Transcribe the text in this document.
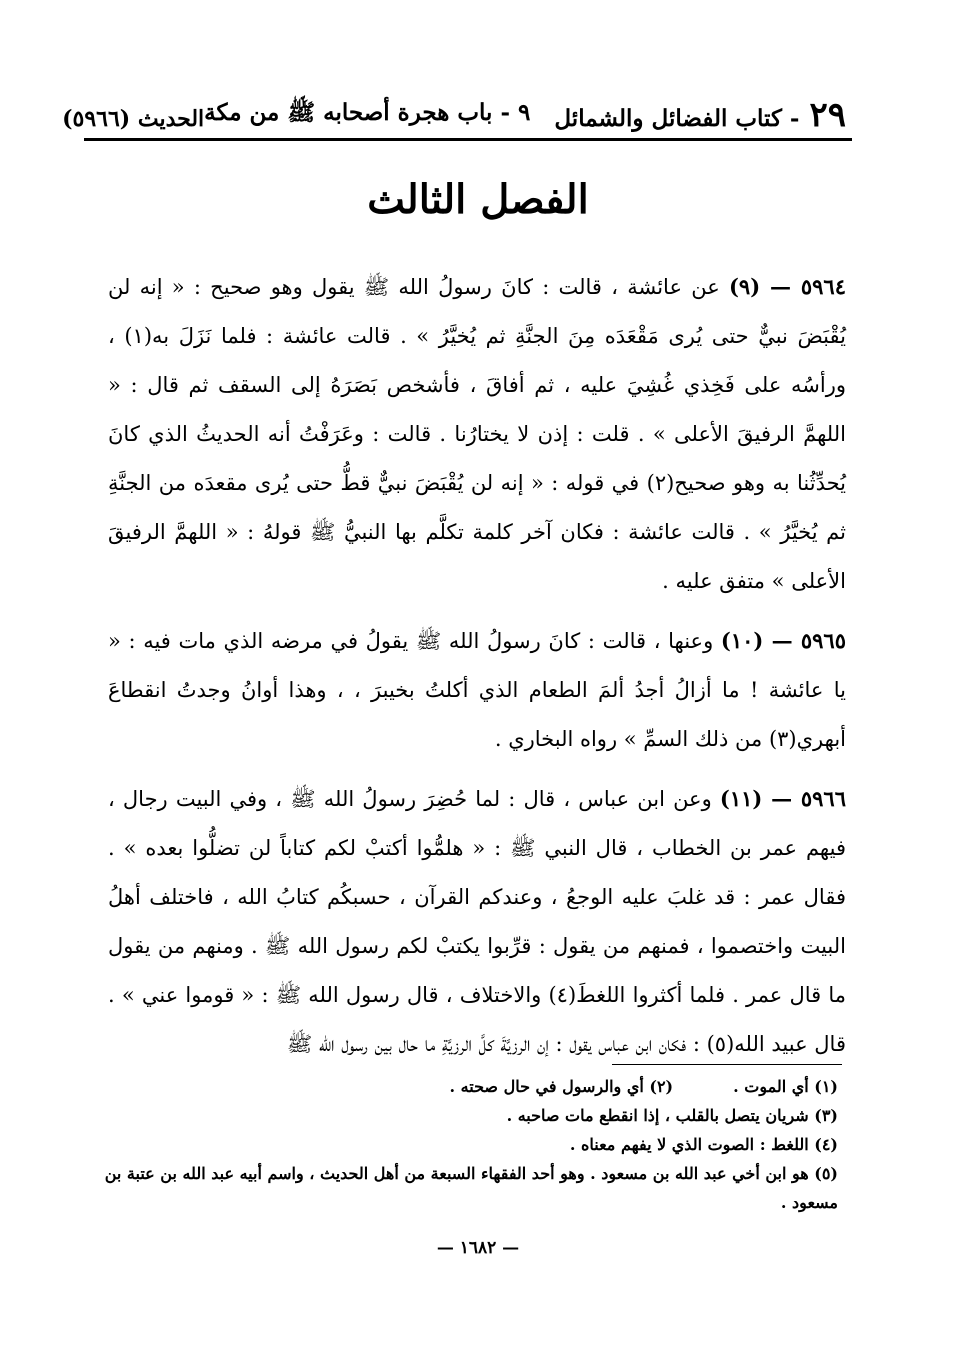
٢٩
- كتاب الفضائل والشمائل

٩ - باب هجرة أصحابه ﷺ من مكة
الحديث (٥٩٦٦)
الفصل الثالث

٥٩٦٤ — (٩) عن عائشة ، قالت : كانَ رسولُ الله ﷺ يقول وهو صحيح : « إنه لن يُقْبَضَ نبيٌّ حتى يُرى مَقْعَدَه مِنَ الجنَّةِ ثم يُخيَّرُ » . قالت عائشة : فلما نَزَلَ به(١) ، ورأسُه على فَخِذي غُشِيَ عليه ، ثم أفاقَ ، فأشخص بَصَرَهُ إلى السقف ثم قال : « اللهمَّ الرفيقَ الأعلى » . قلت : إذن لا يختارُنا . قالت : وعَرَفْتُ أنه الحديثُ الذي كانَ يُحدِّثُنا به وهو صحيح(٢) في قوله : « إنه لن يُقْبَضَ نبيٌّ قطُّ حتى يُرى مقعدَه من الجنَّةِ ثم يُخيَّرُ » . قالت عائشة : فكان آخر كلمة تكلَّم بها النبيُّ ﷺ قولهُ : « اللهمَّ الرفيقَ الأعلى » متفق عليه .

٥٩٦٥ — (١٠) وعنها ، قالت : كانَ رسولُ الله ﷺ يقولُ في مرضه الذي مات فيه : « يا عائشة ! ما أزالُ أجدُ ألمَ الطعام الذي أكلتُ بخيبرَ ، ، وهذا أوانُ وجدتُ انقطاعَ أبهري(٣) من ذلك السمِّ » رواه البخاري .

٥٩٦٦ — (١١) وعن ابن عباس ، قال : لما حُضِرَ رسولُ الله ﷺ ، وفي البيت رجال ، فيهم عمر بن الخطاب ، قال النبي ﷺ : « هلمُّوا أكتبْ لكم كتاباً لن تضلُّوا بعده » . فقال عمر : قد غلبَ عليه الوجعُ ، وعندكم القرآن ، حسبكُم كتابُ الله ، فاختلف أهلُ البيت واختصموا ، فمنهم من يقول : قرِّبوا يكتبْ لكم رسول الله ﷺ . ومنهم من يقول ما قال عمر . فلما أكثروا اللغطَ(٤) والاختلاف ، قال رسول الله ﷺ : « قوموا عني » . قال عبيد الله(٥) : فكان ابن عباس يقول : إن الرزيَّةَ كلَّ الرزيَّةِ ما حال بين رسول الله ﷺ

(١) أي الموت .

(٢) أي والرسول في حال صحته .

(٣) شريان يتصل بالقلب ، إذا انقطع مات صاحبه .

(٤) اللغط : الصوت الذي لا يفهم معناه .

(٥) هو ابن أخي عبد الله بن مسعود . وهو أحد الفقهاء السبعة من أهل الحديث ، واسم أبيه عبد الله بن عتبة بن مسعود .

— ١٦٨٢ —
